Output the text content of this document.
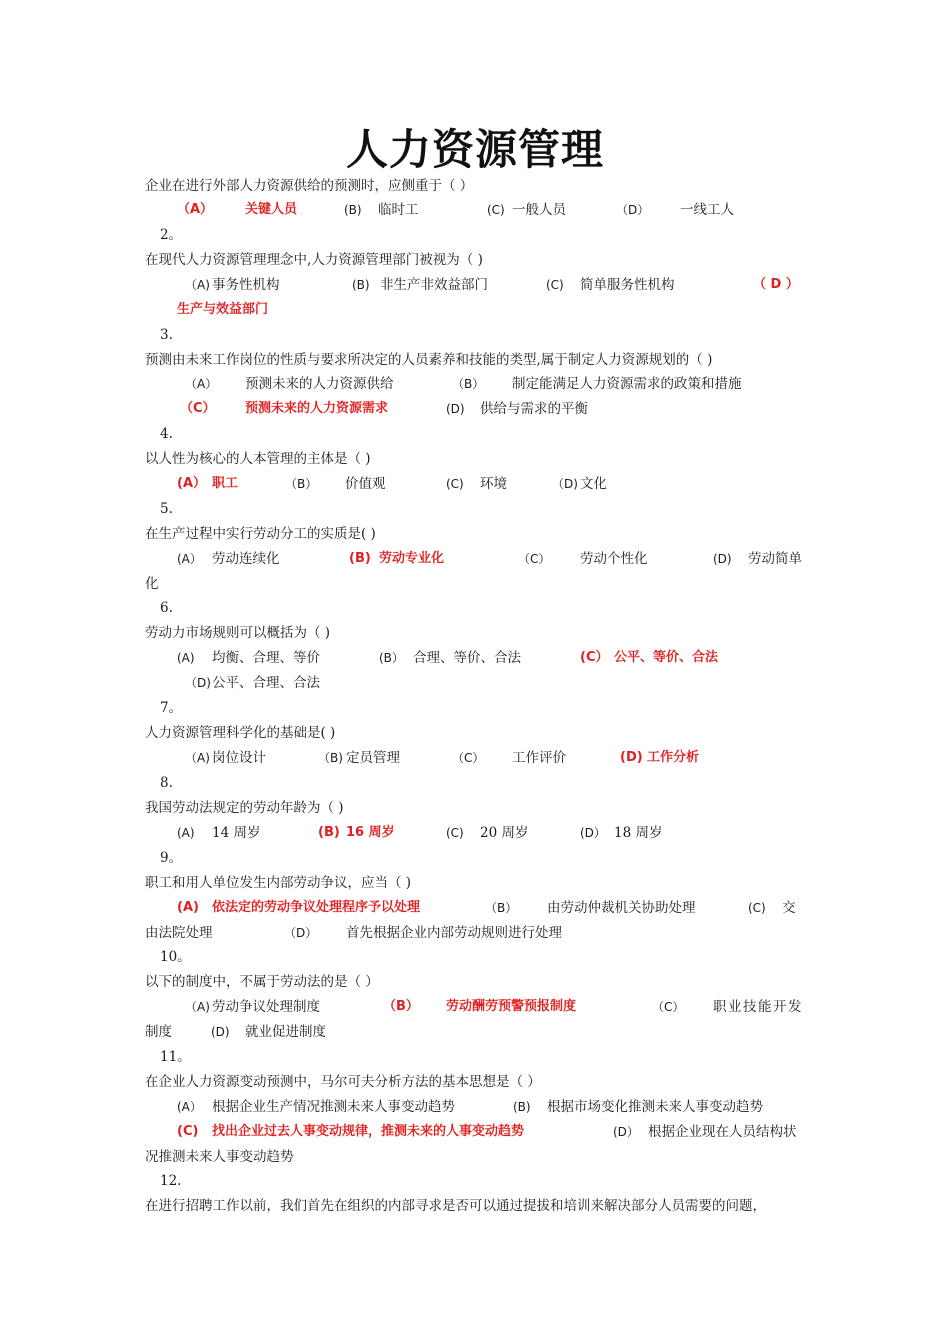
人力资源管理
企业在进行外部人力资源供给的预测时，应侧重于（ ）
（A） 关键人员	(B) 临时工	(C) 一般人员	（D） 一线工人
2。
在现代人力资源管理理念中,人力资源管理部门被视为（ )
（A) 事务性机构	(B) 非生产非效益部门	(C) 简单服务性机构	（ D ）
生产与效益部门
3.
预测由未来工作岗位的性质与要求所决定的人员素养和技能的类型,属于制定人力资源规划的（ )
（A） 预测未来的人力资源供给	（B） 制定能满足人力资源需求的政策和措施
（C） 预测未来的人力资源需求	(D) 供给与需求的平衡
4.
以人性为核心的人本管理的主体是（ )
(A） 职工	（B） 价值观	(C) 环境	（D) 文化
5.
在生产过程中实行劳动分工的实质是( )
(A） 劳动连续化	(B) 劳动专业化	（C） 劳动个性化	(D) 劳动简单
化
6.
劳动力市场规则可以概括为（ )
(A) 均衡、合理、等价	(B） 合理、等价、合法	(C） 公平、等价、合法
（D) 公平、合理、合法
7。
人力资源管理科学化的基础是( )
（A) 岗位设计	（B) 定员管理	（C） 工作评价	(D) 工作分析
8.
我国劳动法规定的劳动年龄为（ )
(A) 14 周岁	(B) 16 周岁	(C) 20 周岁	(D） 18 周岁
9。
职工和用人单位发生内部劳动争议，应当（ )
(A) 依法定的劳动争议处理程序予以处理	（B） 由劳动仲裁机关协助处理	(C) 交
由法院处理	（D） 首先根据企业内部劳动规则进行处理
10。
以下的制度中，不属于劳动法的是（ ）
（A) 劳动争议处理制度	（B） 劳动酬劳预警预报制度	（C） 职业技能开发
制度	(D) 就业促进制度
11。
在企业人力资源变动预测中，马尔可夫分析方法的基本思想是（ ）
(A） 根据企业生产情况推测未来人事变动趋势	(B) 根据市场变化推测未来人事变动趋势
(C) 找出企业过去人事变动规律，推测未来的人事变动趋势	(D） 根据企业现在人员结构状
况推测未来人事变动趋势
12.
在进行招聘工作以前，我们首先在组织的内部寻求是否可以通过提拔和培训来解决部分人员需要的问题，
